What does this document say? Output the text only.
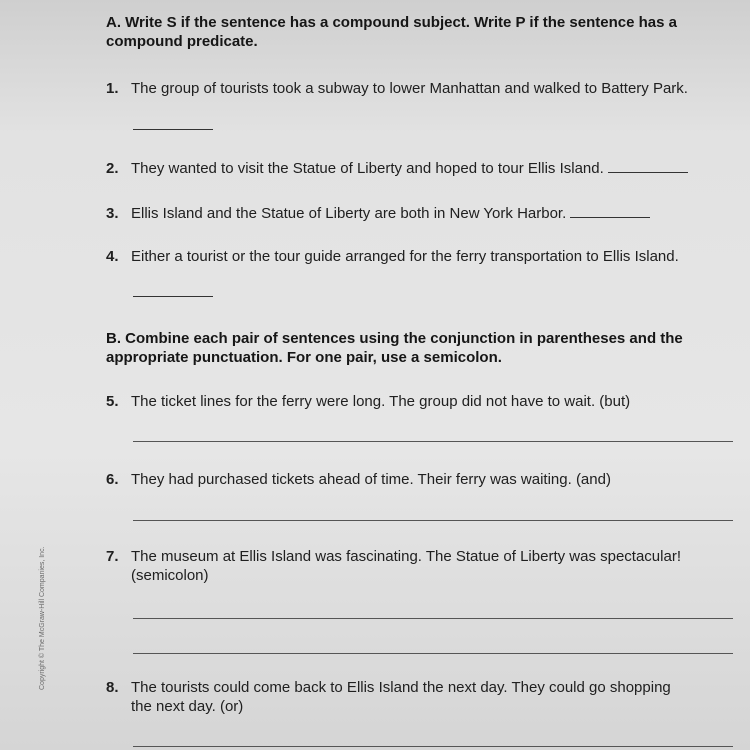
A. Write S if the sentence has a compound subject. Write P if the sentence has a compound predicate.
1. The group of tourists took a subway to lower Manhattan and walked to Battery Park.
2. They wanted to visit the Statue of Liberty and hoped to tour Ellis Island.
3. Ellis Island and the Statue of Liberty are both in New York Harbor.
4. Either a tourist or the tour guide arranged for the ferry transportation to Ellis Island.
B. Combine each pair of sentences using the conjunction in parentheses and the appropriate punctuation. For one pair, use a semicolon.
5. The ticket lines for the ferry were long. The group did not have to wait. (but)
6. They had purchased tickets ahead of time. Their ferry was waiting. (and)
7. The museum at Ellis Island was fascinating. The Statue of Liberty was spectacular!
(semicolon)
8. The tourists could come back to Ellis Island the next day. They could go shopping
the next day. (or)
Copyright © The McGraw-Hill Companies, Inc.
